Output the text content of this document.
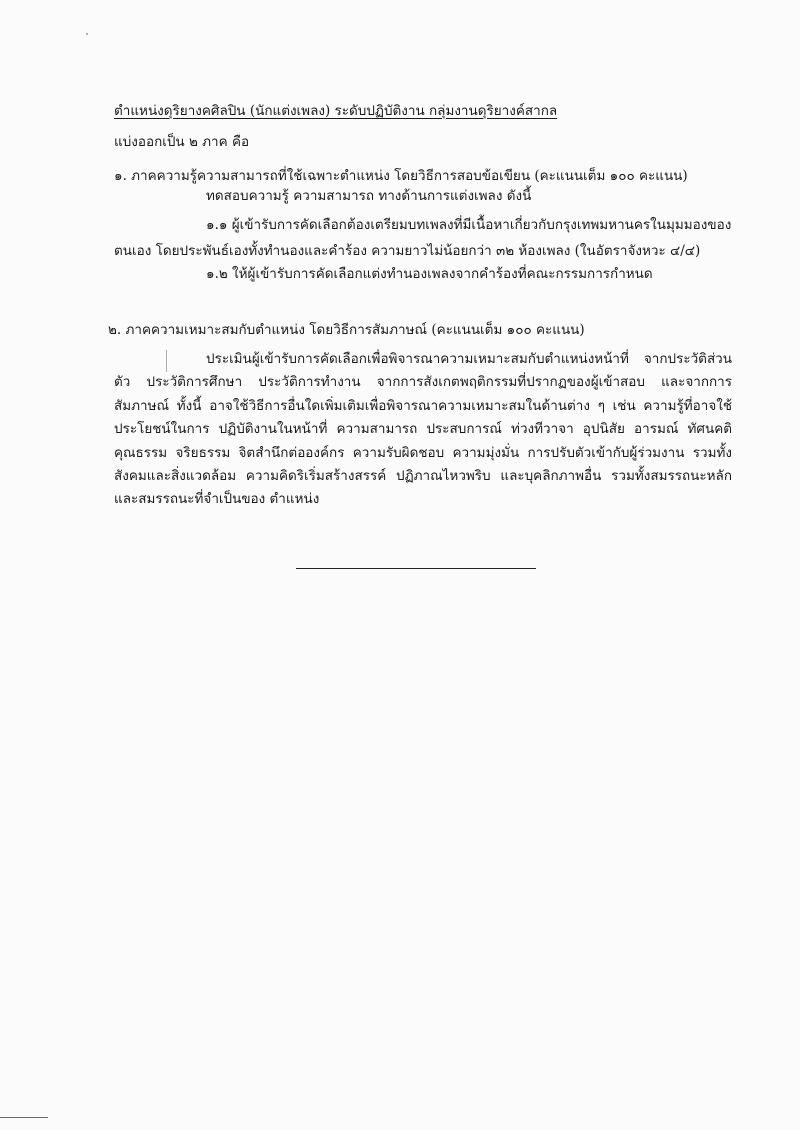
ตำแหน่งดุริยางคศิลปิน (นักแต่งเพลง) ระดับปฏิบัติงาน กลุ่มงานดุริยางค์สากล
แบ่งออกเป็น ๒ ภาค คือ
๑. ภาคความรู้ความสามารถที่ใช้เฉพาะตำแหน่ง โดยวิธีการสอบข้อเขียน (คะแนนเต็ม ๑๐๐ คะแนน)
ทดสอบความรู้ ความสามารถ ทางด้านการแต่งเพลง ดังนี้
๑.๑ ผู้เข้ารับการคัดเลือกต้องเตรียมบทเพลงที่มีเนื้อหาเกี่ยวกับกรุงเทพมหานครในมุมมองของ
ตนเอง โดยประพันธ์เองทั้งทำนองและคำร้อง ความยาวไม่น้อยกว่า ๓๒ ห้องเพลง (ในอัตราจังหวะ ๔/๔)
๑.๒ ให้ผู้เข้ารับการคัดเลือกแต่งทำนองเพลงจากคำร้องที่คณะกรรมการกำหนด
๒. ภาคความเหมาะสมกับตำแหน่ง โดยวิธีการสัมภาษณ์ (คะแนนเต็ม ๑๐๐ คะแนน)
ประเมินผู้เข้ารับการคัดเลือกเพื่อพิจารณาความเหมาะสมกับตำแหน่งหน้าที่ จากประวัติส่วนตัว ประวัติการศึกษา ประวัติการทำงาน จากการสังเกตพฤติกรรมที่ปรากฏของผู้เข้าสอบ และจากการสัมภาษณ์ ทั้งนี้ อาจใช้วิธีการอื่นใดเพิ่มเติมเพื่อพิจารณาความเหมาะสมในด้านต่าง ๆ เช่น ความรู้ที่อาจใช้ประโยชน์ในการ ปฏิบัติงานในหน้าที่ ความสามารถ ประสบการณ์ ท่วงทีวาจา อุปนิสัย อารมณ์ ทัศนคติ คุณธรรม จริยธรรม จิตสำนึกต่อองค์กร ความรับผิดชอบ ความมุ่งมั่น การปรับตัวเข้ากับผู้ร่วมงาน รวมทั้งสังคมและสิ่งแวดล้อม ความคิดริเริ่มสร้างสรรค์ ปฏิภาณไหวพริบ และบุคลิกภาพอื่น รวมทั้งสมรรถนะหลักและสมรรถนะที่จำเป็นของ ตำแหน่ง
